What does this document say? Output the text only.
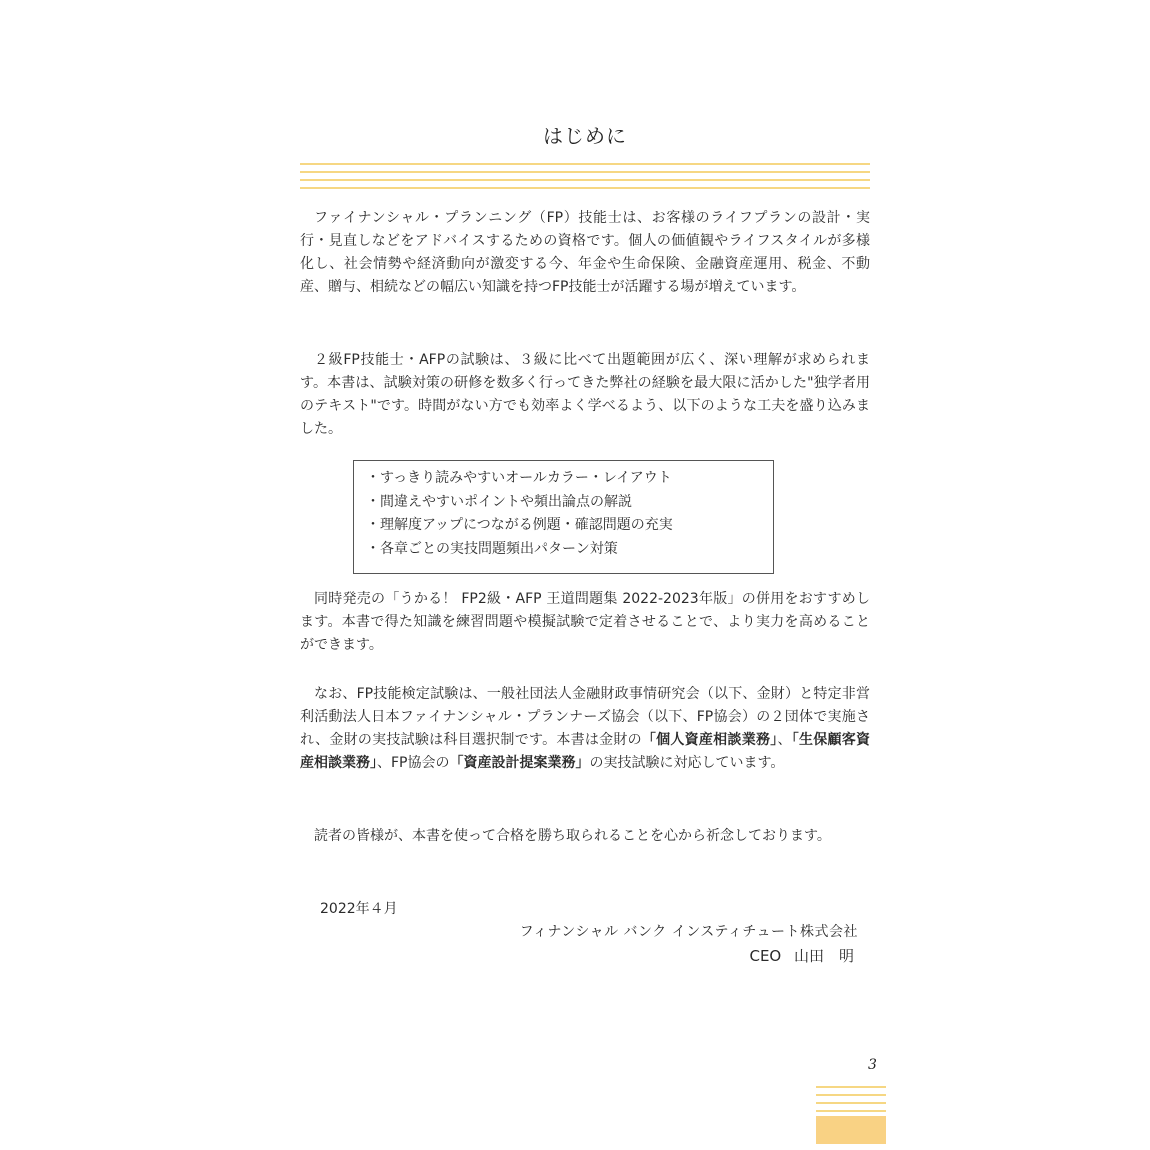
はじめに

ファイナンシャル・プランニング（FP）技能士は、お客様のライフプランの設計・実行・見直しなどをアドバイスするための資格です。個人の価値観やライフスタイルが多様化し、社会情勢や経済動向が激変する今、年金や生命保険、金融資産運用、税金、不動産、贈与、相続などの幅広い知識を持つFP技能士が活躍する場が増えています。

２級FP技能士・AFPの試験は、３級に比べて出題範囲が広く、深い理解が求められます。本書は、試験対策の研修を数多く行ってきた弊社の経験を最大限に活かした"独学者用のテキスト"です。時間がない方でも効率よく学べるよう、以下のような工夫を盛り込みました。

・すっきり読みやすいオールカラー・レイアウト
・間違えやすいポイントや頻出論点の解説
・理解度アップにつながる例題・確認問題の充実
・各章ごとの実技問題頻出パターン対策

同時発売の「うかる！ FP2級・AFP 王道問題集 2022-2023年版」の併用をおすすめします。本書で得た知識を練習問題や模擬試験で定着させることで、より実力を高めることができます。

なお、FP技能検定試験は、一般社団法人金融財政事情研究会（以下、金財）と特定非営利活動法人日本ファイナンシャル・プランナーズ協会（以下、FP協会）の２団体で実施され、金財の実技試験は科目選択制です。本書は金財の「個人資産相談業務」、「生保顧客資産相談業務」、FP協会の「資産設計提案業務」の実技試験に対応しています。

読者の皆様が、本書を使って合格を勝ち取られることを心から祈念しております。

2022年４月
フィナンシャル バンク インスティチュート株式会社
CEO 山田　明
3
